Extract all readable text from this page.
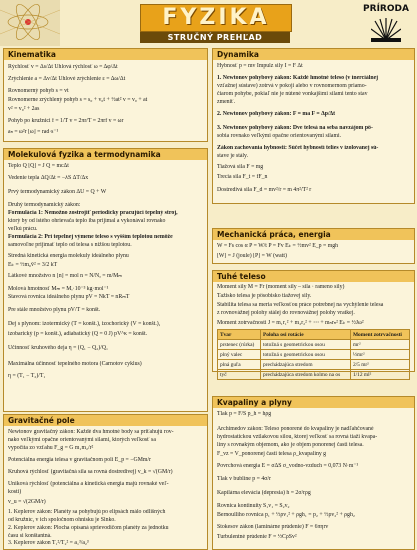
FYZIKA
STRUČNÝ PREHĽAD
PRÍRODA
Kinematika
Rýchlosť v = Δs/Δt Uhlová rýchlosť ω = Δφ/Δt
Zrýchlenie a = Δv/Δt Uhlové zrýchlenie ε = Δω/Δt
Rovnomerný pohyb s = vt
Rovnomerne zrýchlený pohyb s = s₀ + v₀t + ½at² v = v₀ + at
v² = v₀² + 2as
Pohyb po kružnici f = 1/T v = 2πr/T = 2πrf v = ωr
aₙ = ω²r [ω] = rad·s⁻¹
Molekulová fyzika a termodynamika
Teplo Q [Q] = J Q = mcΔt
Vedenie tepla ΔQ/Δt = −λS ΔT/Δx
Prvý termodynamický zákon ΔU = Q + W
Druhý termodynamický zákon:
Formulácia 1: Nemožno zostrojiť periodicky pracujúci tepelný stroj,
ktorý by od istého ohrievača teplo iba prijímal a vykonával rovnako
veľkú prácu.
Formulácia 2: Pri tepelnej výmene teleso s vyšším teplotou nemôže
samovoľne prijímať teplo od telesa s nižšou teplotou.
Stredná kinetická energia molekuly ideálneho plynu
Eₖ = ½m₀v̄² = 3/2 kT
Látkové množstvo n [n] = mol n = N/Nₐ = m/Mₘ
Molová hmotnosť Mₘ = Mᵣ·10⁻³ kg·mol⁻¹
Stavová rovnica ideálneho plynu pV = NkT = nRₘT
Pre stále množstvo plynu pV/T = konšt.
Dej s plynom: izotermický (T = konšt.), izochorický (V = konšt.),
izobarický (p = konšt.), adiabatický (Q = 0 J) pV^κ = konšt.
Účinnosť kruhového deja η = (Q₁ − Q₂)/Q₁
Maximálna účinnosť tepelného motora (Carnotov cyklus)
η = (T₁ − T₂)/T₁
Gravitačné pole
Newtonov gravitačný zákon: Každé dva hmotné body sa priťahujú rov-
nako veľkými opačne orientovanými silami, ktorých veľkosť sa
vypočíta zo vzťahu F_g = G m₁m₂/r²
Potenciálna energia telesa v gravitačnom poli E_p = −GMm/r
Kruhová rýchlosť (gravitačná sila sa rovná dostredivej) v_k = √(GM/r)
Úniková rýchlosť (potenciálna a kinetická energia majú rovnaké veľ-
kosti)
v_u = √(2GM/r)
1. Keplerov zákon: Planéty sa pohybujú po elipsách málo odlišných
od kružníc, v ich spoločnom ohnisku je Slnko.
2. Keplerov zákon: Plocha opísaná sprievodičom planéty za jednotku
času si konštantná.
3. Keplerov zákon T₁²/T₂² = a₁³/a₂³
Dynamika
Hybnosť p = mv Impulz sily I = F Δt
1. Newtonov pohybový zákon: Každé hmotné teleso (v inerciálnej
vzťažnej sústave) zotrvá v pokoji alebo v rovnomernom priamo-
čiarom pohybe, pokiaľ nie je nútené vonkajšími silami tento stav
zmeniť.
2. Newtonov pohybový zákon: F = ma F = Δp/Δt
3. Newtonov pohybový zákon: Dve telesá na seba navzájom pô-
sobia rovnako veľkými opačne orientovanými silami.
Zákon zachovania hybnosti: Súčet hybností telies v izolovanej sú-
stave je stály.
Tiažová sila F = mg
Trecia sila F_t = fF_n
Dostredivá sila F_d = mv²/r = m 4π²/T² r
Mechanická práca, energia
W = Fs cos α P = W/t P = Fv Eₖ = ½mv² E_p = mgh
[W] = J (joule) [P] = W (watt)
Tuhé teleso
Moment sily M = Fr (moment sily – sila · rameno sily)
Ťažisko telesa je pôsobisko tiažovej sily.
Stabilita telesa sa meria veľkosťou práce potrebnej na vychýlenie telesa
z rovnovážnej polohy stálej do rovnovážnej polohy vratkej.
Moment zotrvačnosti J = m₁r₁² + m₂r₂² + ⋯ + mₙrₙ² Eₖ = ½Jω²
Tvar	Poloha osi rotácie	Moment zotrvačnosti
prstenec (rúrka)	totožná s geometrickou osou	mr²
plný valec	totožná s geometrickou osou	½mr²
plná guľa	prechádzajúca stredom	2/5 mr²
tyč	prechádzajúca stredom kolmo na os	1/12 ml²
Kvapaliny a plyny
Tlak p = F/S p_h = hρg
Archimedov zákon: Teleso ponorené do kvapaliny je nadľahčované
hydrostatickou vztlakovou silou, ktorej veľkosť sa rovná tiaži kvapa-
liny s rovnakým objemom, ako je objem ponorenej časti telesa.
F_vz = V_ponorenej časti telesa ρ_kvapaliny g
Povrchová energia E = σΔS σ_vodno-vzduch = 0,073 N·m⁻¹
Tlak v bubline p = 4σ/r
Kapilárna elevácia (depresia) h = 2σ/rρg
Rovnica kontinuity S₁v₁ = S₂v₂
Bernoulliho rovnica p₁ + ½ρv₁² + ρgh₁ = p₂ + ½ρv₂² + ρgh₂
Stokesov zákon (laminárne prúdenie) F = 6πηrv
Turbulentné prúdenie F = ½CρSv²
